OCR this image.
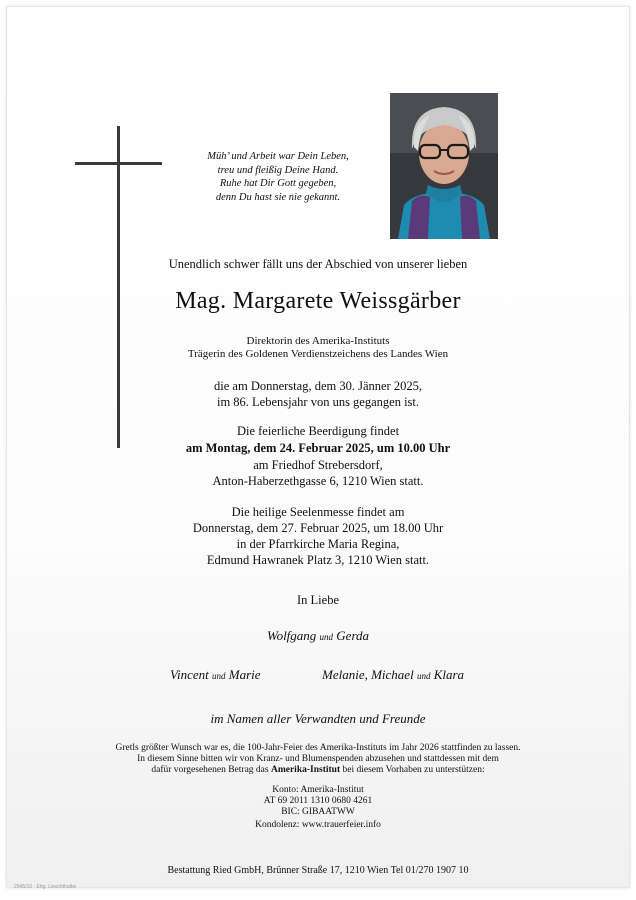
Müh’ und Arbeit war Dein Leben,
treu und fleißig Deine Hand.
Ruhe hat Dir Gott gegeben,
denn Du hast sie nie gekannt.
Unendlich schwer fällt uns der Abschied von unserer lieben
Mag. Margarete Weissgärber
Direktorin des Amerika-Instituts
Trägerin des Goldenen Verdienstzeichens des Landes Wien
die am Donnerstag, dem 30. Jänner 2025,
im 86. Lebensjahr von uns gegangen ist.
Die feierliche Beerdigung findet
am Montag, dem 24. Februar 2025, um 10.00 Uhr
am Friedhof Strebersdorf,
Anton-Haberzethgasse 6, 1210 Wien statt.
Die heilige Seelenmesse findet am
Donnerstag, dem 27. Februar 2025, um 18.00 Uhr
in der Pfarrkirche Maria Regina,
Edmund Hawranek Platz 3, 1210 Wien statt.
In Liebe
Wolfgang und Gerda
Vincent und Marie	Melanie, Michael und Klara
im Namen aller Verwandten und Freunde
Gretls größter Wunsch war es, die 100-Jahr-Feier des Amerika-Instituts im Jahr 2026 stattfinden zu lassen.
In diesem Sinne bitten wir von Kranz- und Blumenspenden abzusehen und stattdessen mit dem
dafür vorgesehenen Betrag das Amerika-Institut bei diesem Vorhaben zu unterstützen:
Konto: Amerika-Institut
AT 69 2011 1310 0680 4261
BIC: GIBAATWW
Kondolenz: www.trauerfeier.info
Bestattung Ried GmbH, Brünner Straße 17, 1210 Wien Tel 01/270 1907 10
2045/10 · Ehg. Lieschthalbe
